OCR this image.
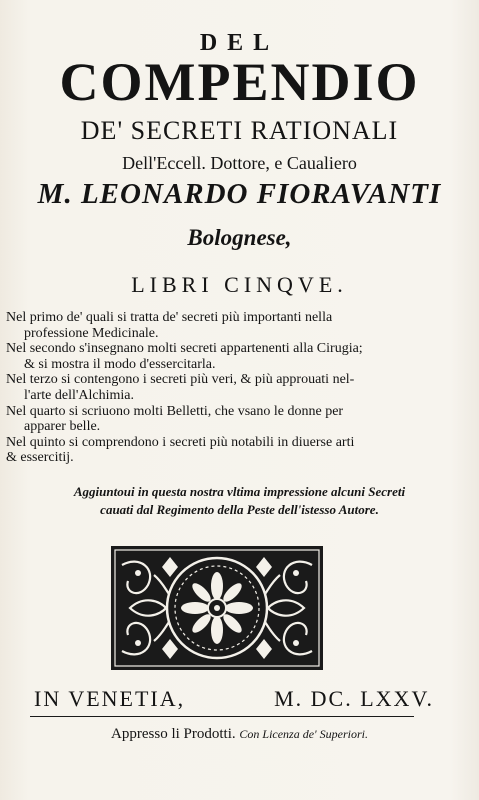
DEL
COMPENDIO
DE' SECRETI RATIONALI
Dell'Eccell. Dottore, e Caualiero
M. LEONARDO FIORAVANTI
Bolognese,
LIBRI CINQVE.
Nel primo de' quali si tratta de' secreti più importanti nella
professione Medicinale.
Nel secondo s'insegnano molti secreti appartenenti alla Cirugia;
& si mostra il modo d'essercitarla.
Nel terzo si contengono i secreti più veri, & più approuati nel-
l'arte dell'Alchimia.
Nel quarto si scriuono molti Belletti, che vsano le donne per
apparer belle.
Nel quinto si comprendono i secreti più notabili in diuerse arti
& essercitij.
Aggiuntoui in questa nostra vltima impressione alcuni Secreti
cauati dal Regimento della Peste dell'istesso Autore.
IN VENETIA,	M. DC. LXXV.
Appresso li Prodotti. Con Licenza de' Superiori.
